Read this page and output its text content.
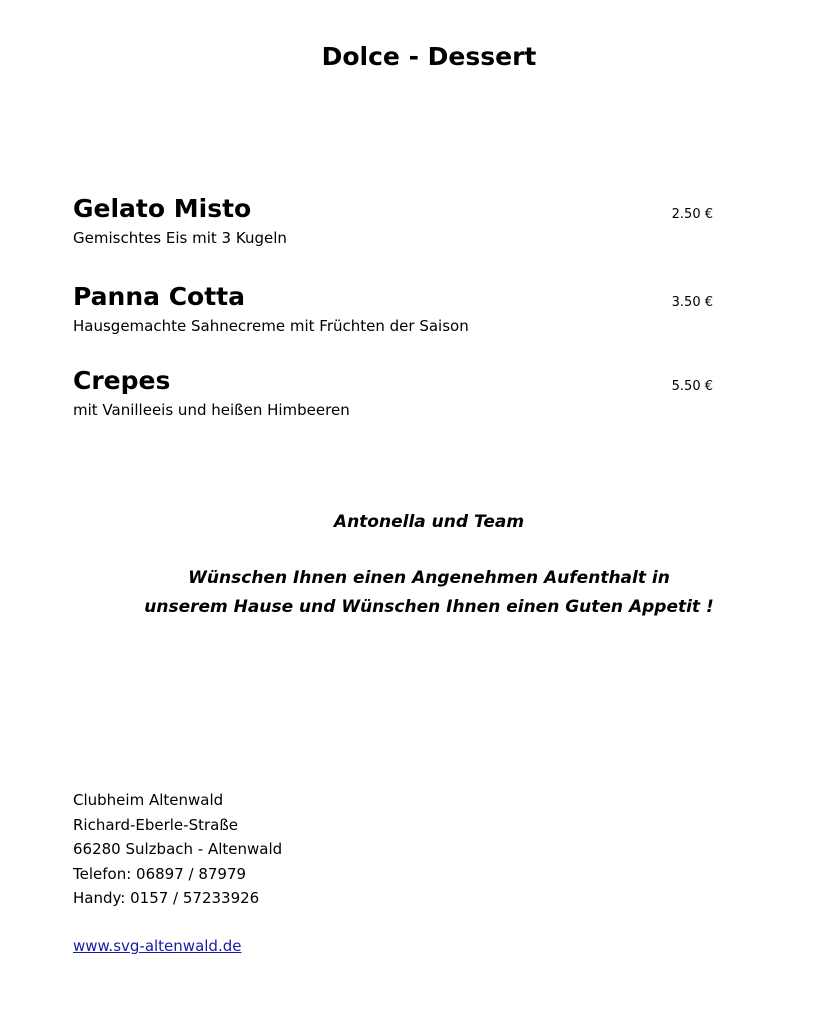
Dolce - Dessert
Gelato Misto

Gemischtes Eis mit 3 Kugeln

2.50 €
Panna Cotta

Hausgemachte Sahnecreme mit Früchten der Saison

3.50 €
Crepes

mit Vanilleeis und heißen Himbeeren

5.50 €

Antonella und Team

Wünschen Ihnen einen Angenehmen Aufenthalt in

unserem Hause und Wünschen Ihnen einen Guten Appetit !

Clubheim Altenwald
Richard-Eberle-Straße
66280 Sulzbach - Altenwald
Telefon: 06897 / 87979
Handy: 0157 / 57233926
www.svg-altenwald.de
